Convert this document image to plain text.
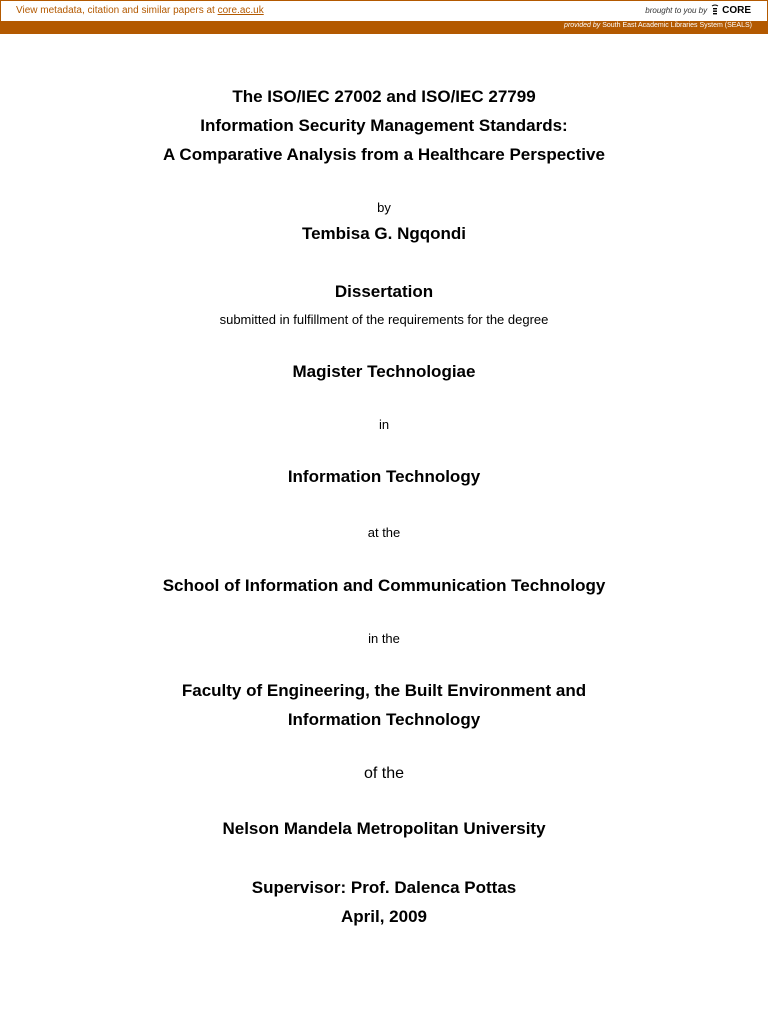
View metadata, citation and similar papers at core.ac.uk	brought to you by CORE
provided by South East Academic Libraries System (SEALS)
The ISO/IEC 27002 and ISO/IEC 27799
Information Security Management Standards:
A Comparative Analysis from a Healthcare Perspective
by
Tembisa G. Ngqondi
Dissertation
submitted in fulfillment of the requirements for the degree
Magister Technologiae
in
Information Technology
at the
School of Information and Communication Technology
in the
Faculty of Engineering, the Built Environment and
Information Technology
of the
Nelson Mandela Metropolitan University
Supervisor: Prof. Dalenca Pottas
April, 2009
